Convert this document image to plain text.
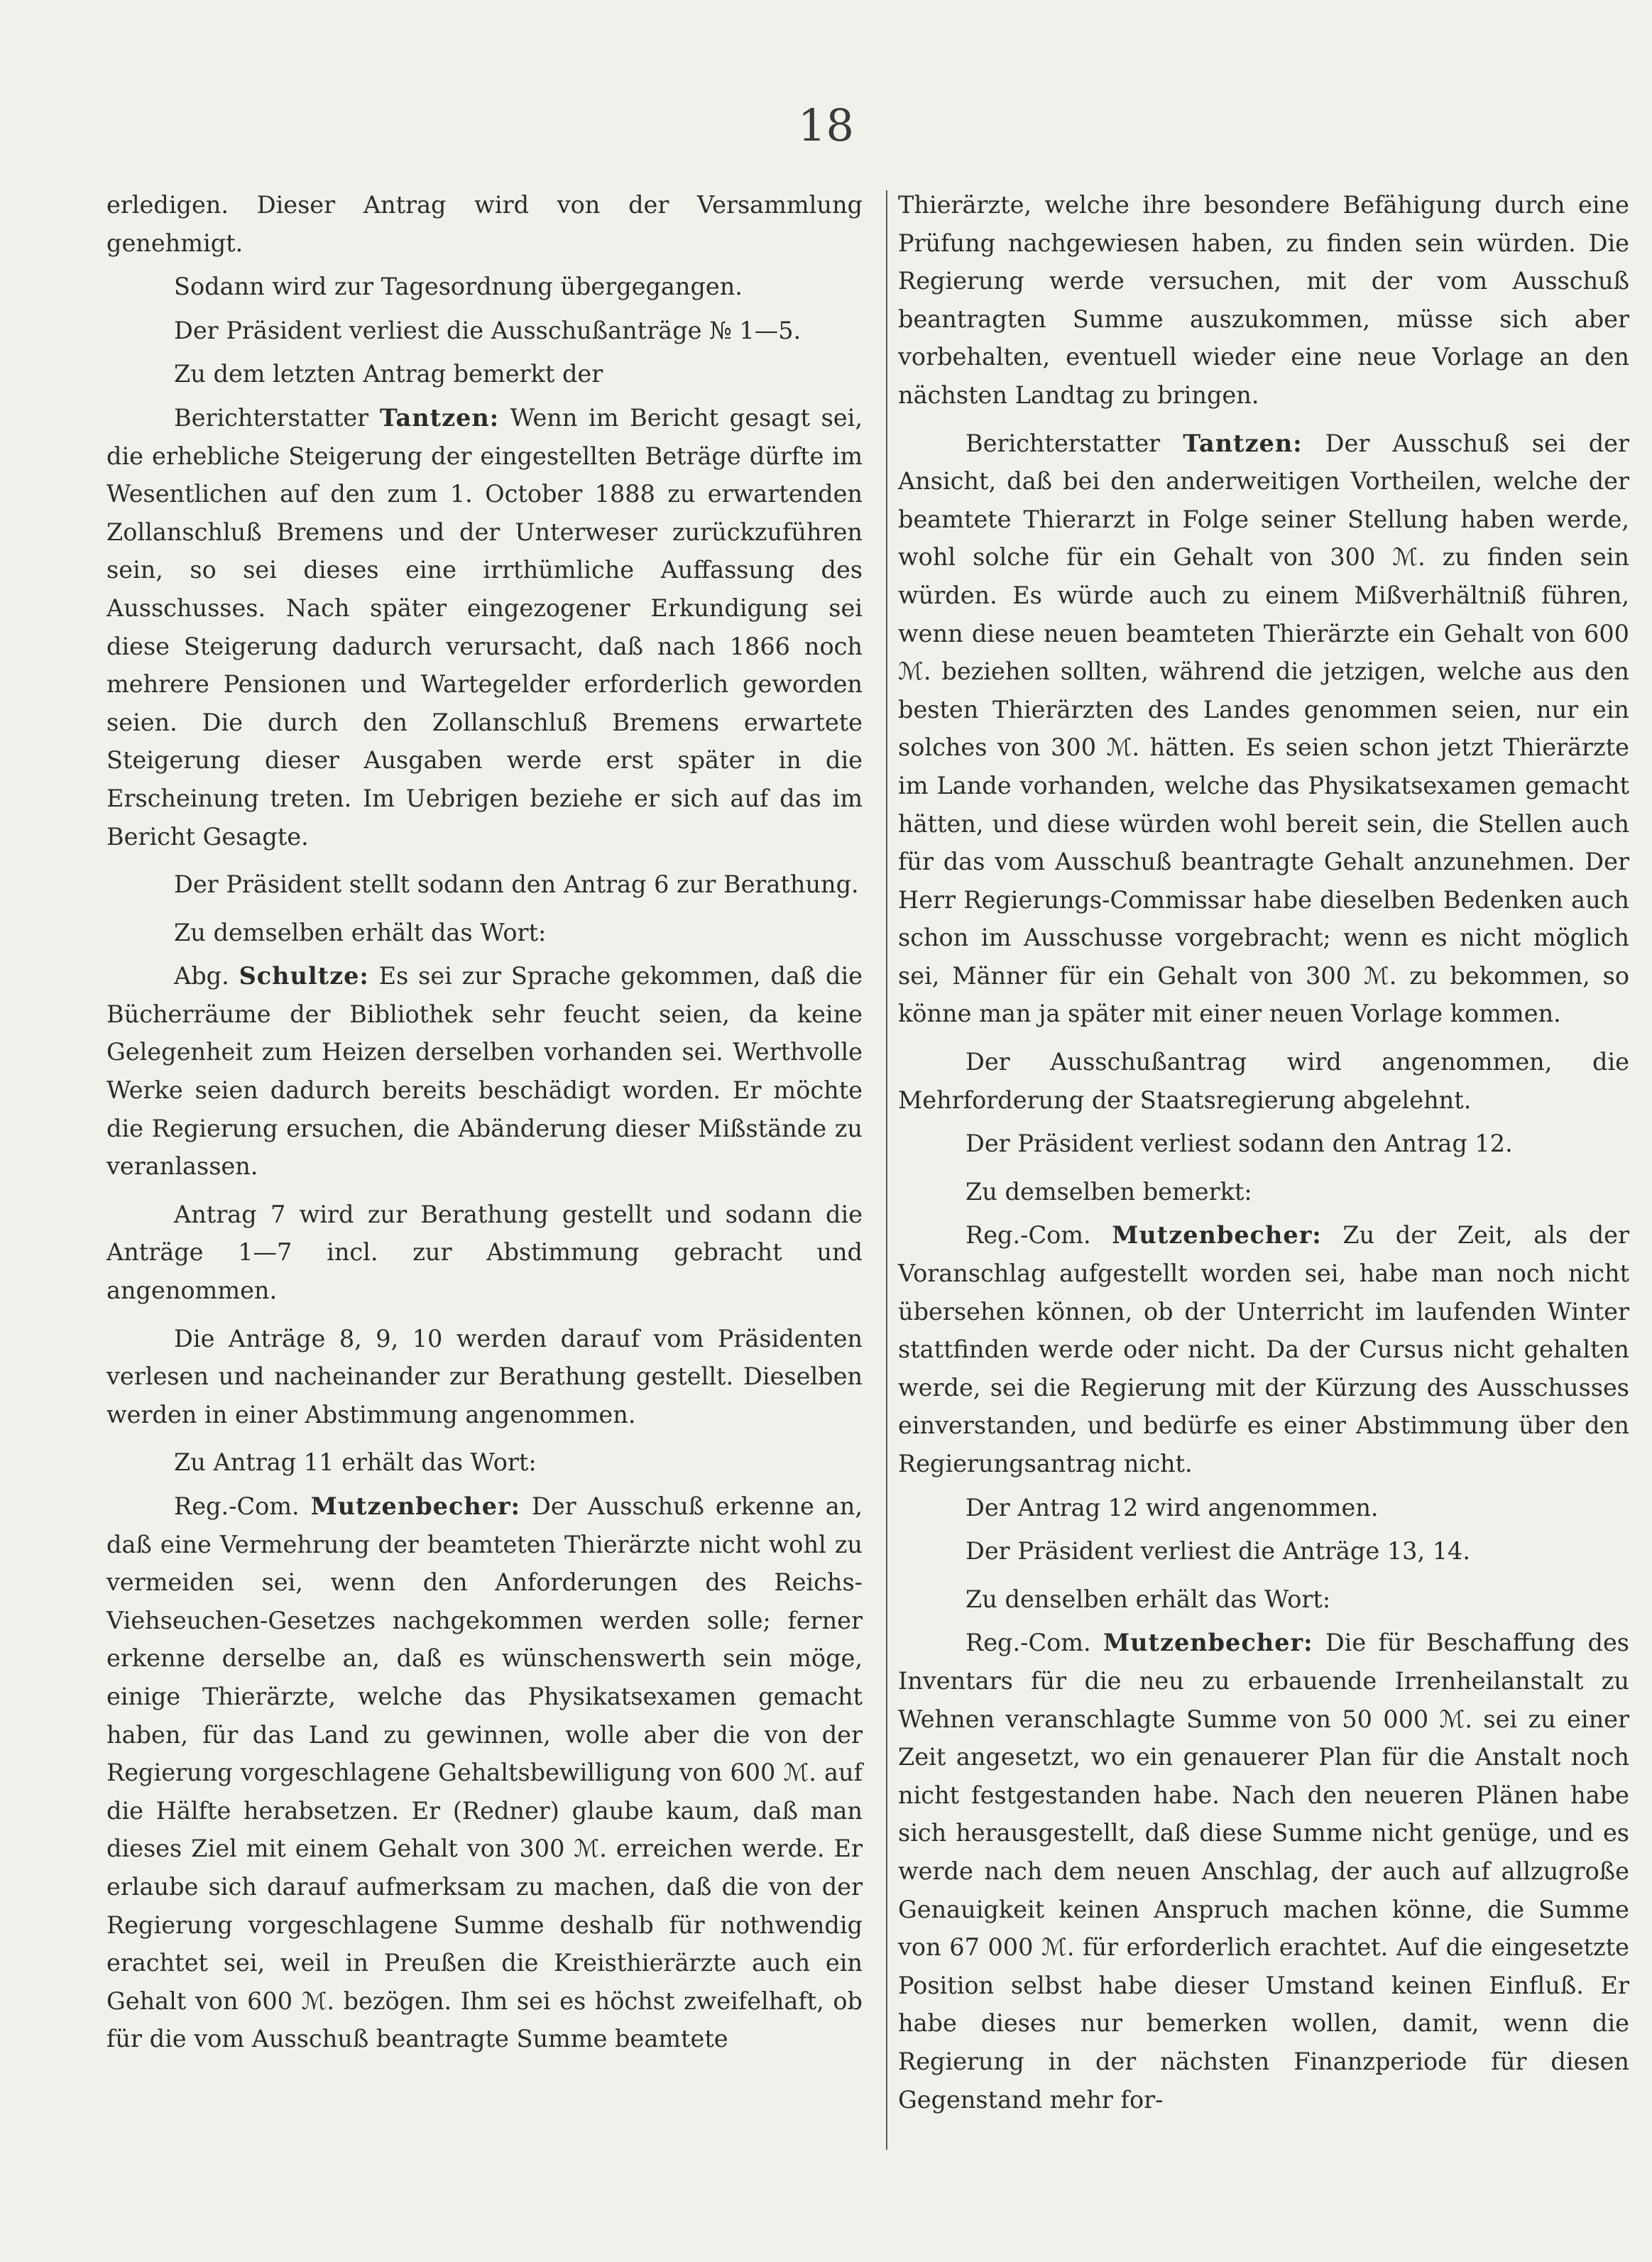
18

erledigen. Dieser Antrag wird von der Versammlung genehmigt.

Sodann wird zur Tagesordnung übergegangen.

Der Präsident verliest die Ausschußanträge № 1—5.

Zu dem letzten Antrag bemerkt der

Berichterstatter Tantzen: Wenn im Bericht gesagt sei, die erhebliche Steigerung der eingestellten Beträge dürfte im Wesentlichen auf den zum 1. October 1888 zu erwartenden Zollanschluß Bremens und der Unterweser zurückzuführen sein, so sei dieses eine irrthümliche Auffassung des Ausschusses. Nach später eingezogener Erkundigung sei diese Steigerung dadurch verursacht, daß nach 1866 noch mehrere Pensionen und Wartegelder erforderlich geworden seien. Die durch den Zollanschluß Bremens erwartete Steigerung dieser Ausgaben werde erst später in die Erscheinung treten. Im Uebrigen beziehe er sich auf das im Bericht Gesagte.

Der Präsident stellt sodann den Antrag 6 zur Berathung.

Zu demselben erhält das Wort:

Abg. Schultze: Es sei zur Sprache gekommen, daß die Bücherräume der Bibliothek sehr feucht seien, da keine Gelegenheit zum Heizen derselben vorhanden sei. Werthvolle Werke seien dadurch bereits beschädigt worden. Er möchte die Regierung ersuchen, die Abänderung dieser Mißstände zu veranlassen.

Antrag 7 wird zur Berathung gestellt und sodann die Anträge 1—7 incl. zur Abstimmung gebracht und angenommen.

Die Anträge 8, 9, 10 werden darauf vom Präsidenten verlesen und nacheinander zur Berathung gestellt. Dieselben werden in einer Abstimmung angenommen.

Zu Antrag 11 erhält das Wort:

Reg.-Com. Mutzenbecher: Der Ausschuß erkenne an, daß eine Vermehrung der beamteten Thierärzte nicht wohl zu vermeiden sei, wenn den Anforderungen des Reichs-Viehseuchen-Gesetzes nachgekommen werden solle; ferner erkenne derselbe an, daß es wünschenswerth sein möge, einige Thierärzte, welche das Physikatsexamen gemacht haben, für das Land zu gewinnen, wolle aber die von der Regierung vorgeschlagene Gehaltsbewilligung von 600 ℳ. auf die Hälfte herabsetzen. Er (Redner) glaube kaum, daß man dieses Ziel mit einem Gehalt von 300 ℳ. erreichen werde. Er erlaube sich darauf aufmerksam zu machen, daß die von der Regierung vorgeschlagene Summe deshalb für nothwendig erachtet sei, weil in Preußen die Kreisthierärzte auch ein Gehalt von 600 ℳ. bezögen. Ihm sei es höchst zweifelhaft, ob für die vom Ausschuß beantragte Summe beamtete

Thierärzte, welche ihre besondere Befähigung durch eine Prüfung nachgewiesen haben, zu finden sein würden. Die Regierung werde versuchen, mit der vom Ausschuß beantragten Summe auszukommen, müsse sich aber vorbehalten, eventuell wieder eine neue Vorlage an den nächsten Landtag zu bringen.

Berichterstatter Tantzen: Der Ausschuß sei der Ansicht, daß bei den anderweitigen Vortheilen, welche der beamtete Thierarzt in Folge seiner Stellung haben werde, wohl solche für ein Gehalt von 300 ℳ. zu finden sein würden. Es würde auch zu einem Mißverhältniß führen, wenn diese neuen beamteten Thierärzte ein Gehalt von 600 ℳ. beziehen sollten, während die jetzigen, welche aus den besten Thierärzten des Landes genommen seien, nur ein solches von 300 ℳ. hätten. Es seien schon jetzt Thierärzte im Lande vorhanden, welche das Physikatsexamen gemacht hätten, und diese würden wohl bereit sein, die Stellen auch für das vom Ausschuß beantragte Gehalt anzunehmen. Der Herr Regierungs-Commissar habe dieselben Bedenken auch schon im Ausschusse vorgebracht; wenn es nicht möglich sei, Männer für ein Gehalt von 300 ℳ. zu bekommen, so könne man ja später mit einer neuen Vorlage kommen.

Der Ausschußantrag wird angenommen, die Mehrforderung der Staatsregierung abgelehnt.

Der Präsident verliest sodann den Antrag 12.

Zu demselben bemerkt:

Reg.-Com. Mutzenbecher: Zu der Zeit, als der Voranschlag aufgestellt worden sei, habe man noch nicht übersehen können, ob der Unterricht im laufenden Winter stattfinden werde oder nicht. Da der Cursus nicht gehalten werde, sei die Regierung mit der Kürzung des Ausschusses einverstanden, und bedürfe es einer Abstimmung über den Regierungsantrag nicht.

Der Antrag 12 wird angenommen.

Der Präsident verliest die Anträge 13, 14.

Zu denselben erhält das Wort:

Reg.-Com. Mutzenbecher: Die für Beschaffung des Inventars für die neu zu erbauende Irrenheilanstalt zu Wehnen veranschlagte Summe von 50 000 ℳ. sei zu einer Zeit angesetzt, wo ein genauerer Plan für die Anstalt noch nicht festgestanden habe. Nach den neueren Plänen habe sich herausgestellt, daß diese Summe nicht genüge, und es werde nach dem neuen Anschlag, der auch auf allzugroße Genauigkeit keinen Anspruch machen könne, die Summe von 67 000 ℳ. für erforderlich erachtet. Auf die eingesetzte Position selbst habe dieser Umstand keinen Einfluß. Er habe dieses nur bemerken wollen, damit, wenn die Regierung in der nächsten Finanzperiode für diesen Gegenstand mehr for-
